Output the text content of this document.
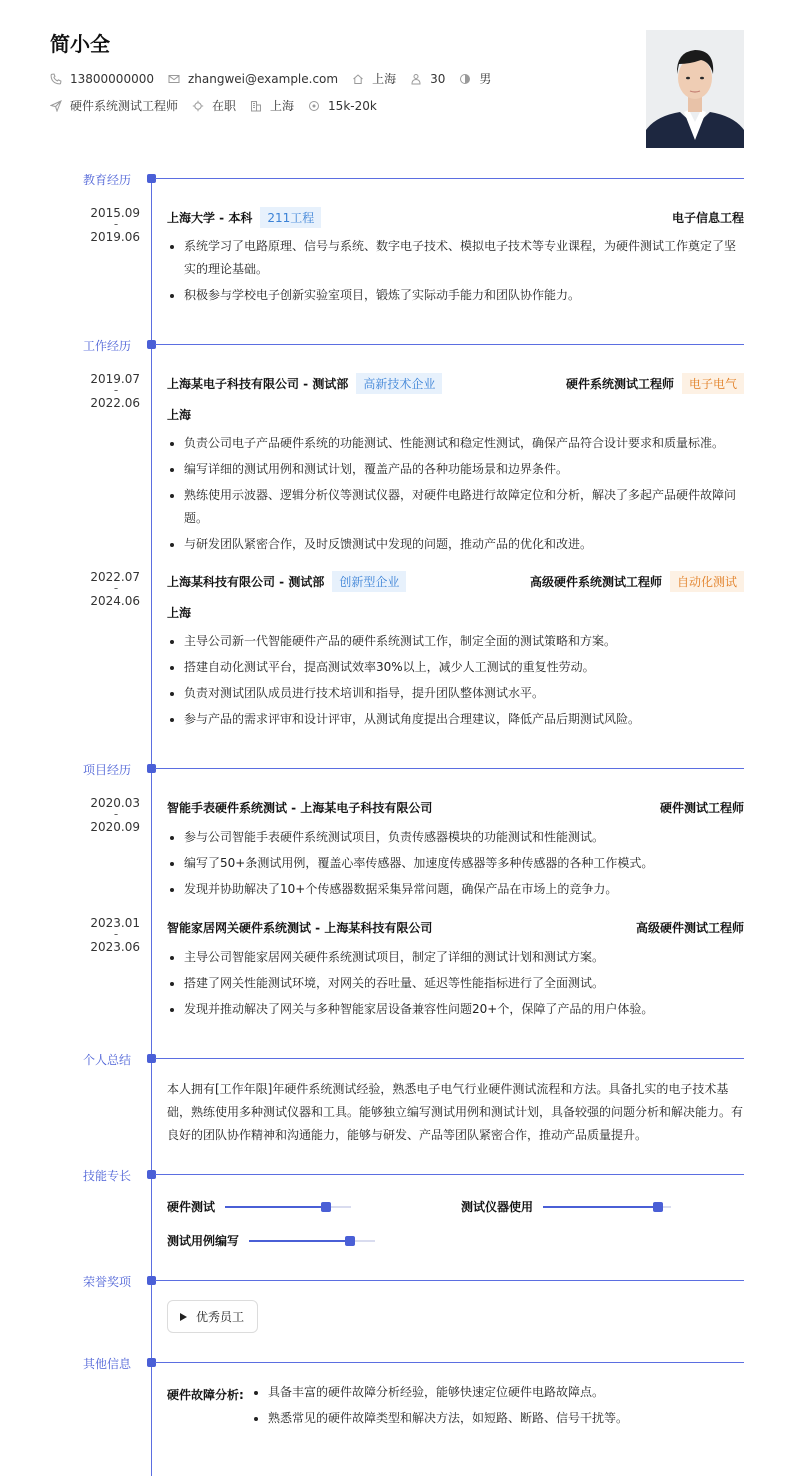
简小全
13800000000	zhangwei@example.com	上海	30	男
硬件系统测试工程师	在职	上海	15k-20k
教育经历
2015.09
-
2019.06
上海大学 - 本科	211工程	电子信息工程
系统学习了电路原理、信号与系统、数字电子技术、模拟电子技术等专业课程，为硬件测试工作奠定了坚实的理论基础。
积极参与学校电子创新实验室项目，锻炼了实际动手能力和团队协作能力。
工作经历
2019.07
-
2022.06
上海某电子科技有限公司 - 测试部	高新技术企业	硬件系统测试工程师	电子电气
上海
负责公司电子产品硬件系统的功能测试、性能测试和稳定性测试，确保产品符合设计要求和质量标准。
编写详细的测试用例和测试计划，覆盖产品的各种功能场景和边界条件。
熟练使用示波器、逻辑分析仪等测试仪器，对硬件电路进行故障定位和分析，解决了多起产品硬件故障问题。
与研发团队紧密合作，及时反馈测试中发现的问题，推动产品的优化和改进。
2022.07
-
2024.06
上海某科技有限公司 - 测试部	创新型企业	高级硬件系统测试工程师	自动化测试
上海
主导公司新一代智能硬件产品的硬件系统测试工作，制定全面的测试策略和方案。
搭建自动化测试平台，提高测试效率30%以上，减少人工测试的重复性劳动。
负责对测试团队成员进行技术培训和指导，提升团队整体测试水平。
参与产品的需求评审和设计评审，从测试角度提出合理建议，降低产品后期测试风险。
项目经历
2020.03
-
2020.09
智能手表硬件系统测试 - 上海某电子科技有限公司	硬件测试工程师
参与公司智能手表硬件系统测试项目，负责传感器模块的功能测试和性能测试。
编写了50+条测试用例，覆盖心率传感器、加速度传感器等多种传感器的各种工作模式。
发现并协助解决了10+个传感器数据采集异常问题，确保产品在市场上的竞争力。
2023.01
-
2023.06
智能家居网关硬件系统测试 - 上海某科技有限公司	高级硬件测试工程师
主导公司智能家居网关硬件系统测试项目，制定了详细的测试计划和测试方案。
搭建了网关性能测试环境，对网关的吞吐量、延迟等性能指标进行了全面测试。
发现并推动解决了网关与多种智能家居设备兼容性问题20+个，保障了产品的用户体验。
个人总结
本人拥有[工作年限]年硬件系统测试经验，熟悉电子电气行业硬件测试流程和方法。具备扎实的电子技术基础，熟练使用多种测试仪器和工具。能够独立编写测试用例和测试计划，具备较强的问题分析和解决能力。有良好的团队协作精神和沟通能力，能够与研发、产品等团队紧密合作，推动产品质量提升。
技能专长
硬件测试	测试仪器使用
测试用例编写
荣誉奖项
优秀员工
其他信息
硬件故障分析:	具备丰富的硬件故障分析经验，能够快速定位硬件电路故障点。
熟悉常见的硬件故障类型和解决方法，如短路、断路、信号干扰等。
